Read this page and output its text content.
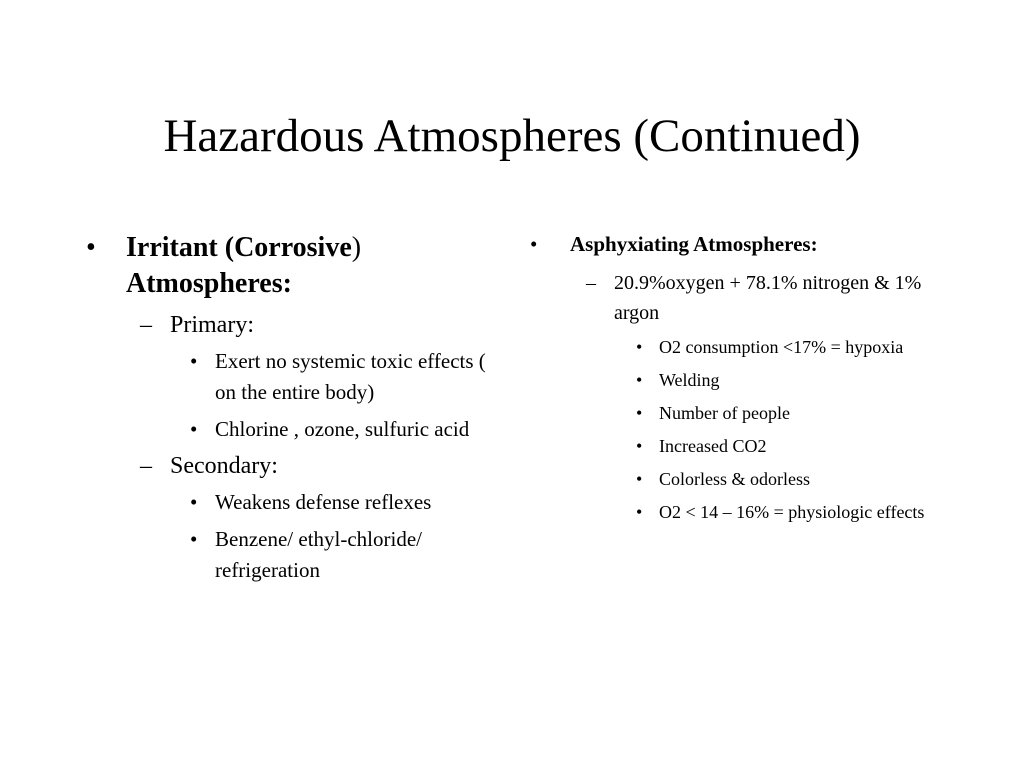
Hazardous Atmospheres (Continued)
• Irritant (Corrosive)
Atmospheres:
– Primary:
• Exert no systemic toxic effects ( on the entire body)
• Chlorine , ozone, sulfuric acid
– Secondary:
• Weakens defense reflexes
• Benzene/ ethyl-chloride/ refrigeration
• Asphyxiating Atmospheres:
– 20.9%oxygen + 78.1% nitrogen & 1% argon
• O2 consumption <17% = hypoxia
• Welding
• Number of people
• Increased CO2
• Colorless & odorless
• O2 < 14 – 16% = physiologic effects
